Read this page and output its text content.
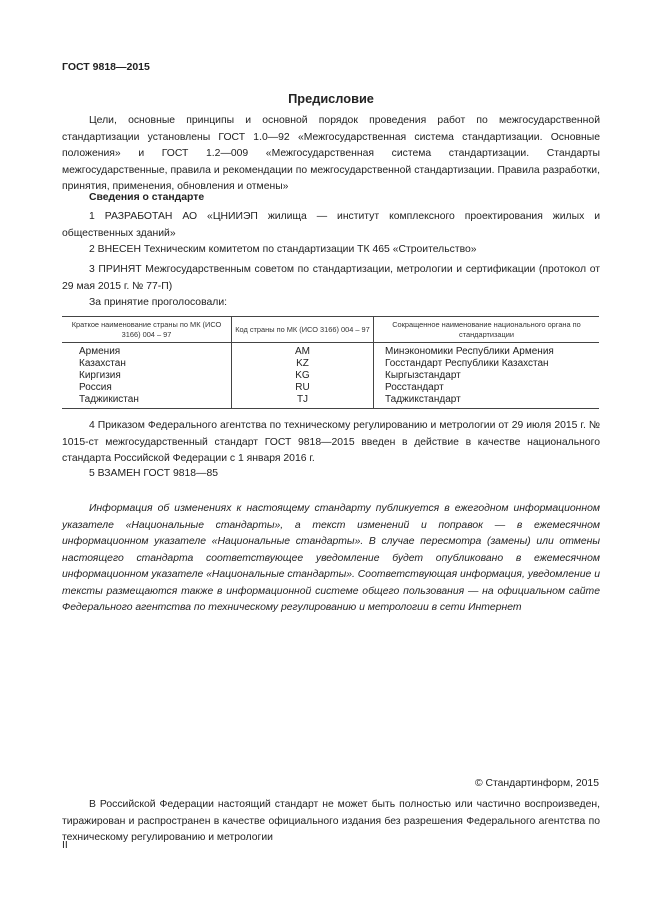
ГОСТ 9818—2015
Предисловие
Цели, основные принципы и основной порядок проведения работ по межгосударственной стандартизации установлены ГОСТ 1.0—92 «Межгосударственная система стандартизации. Основные положения» и ГОСТ 1.2—009 «Межгосударственная система стандартизации. Стандарты межгосударственные, правила и рекомендации по межгосударственной стандартизации. Правила разработки, принятия, применения, обновления и отмены»
Сведения о стандарте
1 РАЗРАБОТАН АО «ЦНИИЭП жилища — институт комплексного проектирования жилых и общественных зданий»
2 ВНЕСЕН Техническим комитетом по стандартизации ТК 465 «Строительство»
3 ПРИНЯТ Межгосударственным советом по стандартизации, метрологии и сертификации (протокол от 29 мая 2015 г. № 77-П)
За принятие проголосовали:
Краткое наименование страны по МК (ИСО 3166) 004 – 97	Код страны по МК (ИСО 3166) 004 – 97	Сокращенное наименование национального органа по стандартизации
Армения	AM	Минэкономики Республики Армения
Казахстан	KZ	Госстандарт Республики Казахстан
Киргизия	KG	Кыргызстандарт
Россия	RU	Росстандарт
Таджикистан	TJ	Таджикстандарт
4 Приказом Федерального агентства по техническому регулированию и метрологии от 29 июля 2015 г. № 1015-ст межгосударственный стандарт ГОСТ 9818—2015 введен в действие в качестве национального стандарта Российской Федерации с 1 января 2016 г.
5 ВЗАМЕН ГОСТ 9818—85
Информация об изменениях к настоящему стандарту публикуется в ежегодном информационном указателе «Национальные стандарты», а текст изменений и поправок — в ежемесячном информационном указателе «Национальные стандарты». В случае пересмотра (замены) или отмены настоящего стандарта соответствующее уведомление будет опубликовано в ежемесячном информационном указателе «Национальные стандарты». Соответствующая информация, уведомление и тексты размещаются также в информационной системе общего пользования — на официальном сайте Федерального агентства по техническому регулированию и метрологии в сети Интернет
© Стандартинформ, 2015
В Российской Федерации настоящий стандарт не может быть полностью или частично воспроизведен, тиражирован и распространен в качестве официального издания без разрешения Федерального агентства по техническому регулированию и метрологии
II
